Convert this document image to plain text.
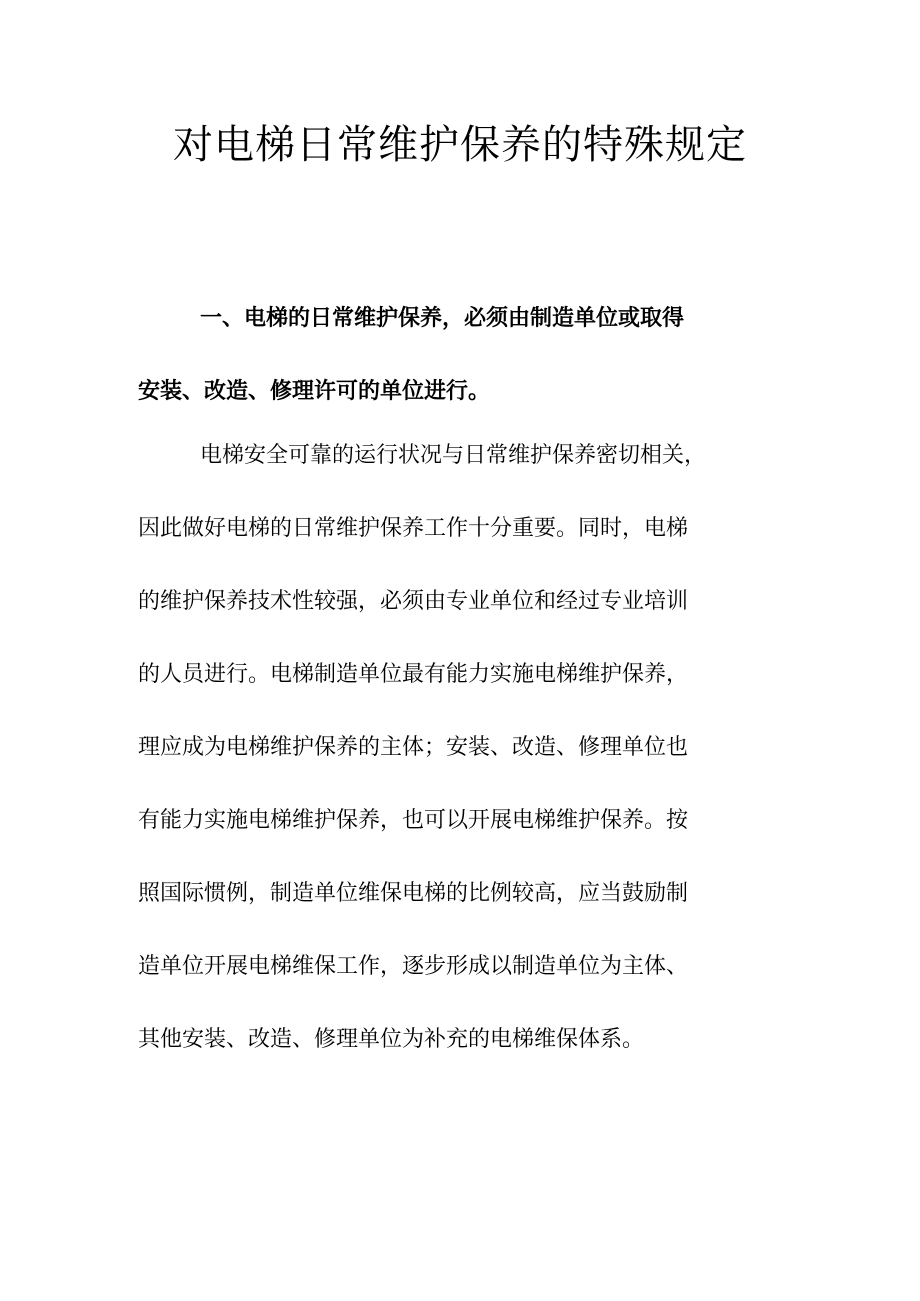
对电梯日常维护保养的特殊规定

一、电梯的日常维护保养，必须由制造单位或取得
安装、改造、修理许可的单位进行。

电梯安全可靠的运行状况与日常维护保养密切相关，
因此做好电梯的日常维护保养工作十分重要。同时，电梯
的维护保养技术性较强，必须由专业单位和经过专业培训
的人员进行。电梯制造单位最有能力实施电梯维护保养，
理应成为电梯维护保养的主体；安装、改造、修理单位也
有能力实施电梯维护保养，也可以开展电梯维护保养。按
照国际惯例，制造单位维保电梯的比例较高，应当鼓励制
造单位开展电梯维保工作，逐步形成以制造单位为主体、
其他安装、改造、修理单位为补充的电梯维保体系。
